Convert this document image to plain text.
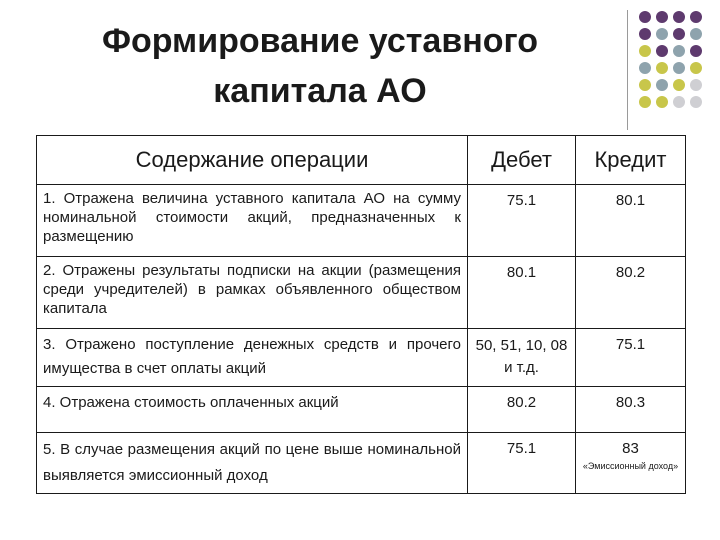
Формирование уставного
капитала АО
Содержание операции	Дебет	Кредит
1. Отражена величина уставного капитала АО на сумму номинальной стоимости акций, предназначенных к размещению	75.1	80.1
2. Отражены результаты подписки на акции (размещения среди учредителей) в рамках объявленного обществом капитала	80.1	80.2
3. Отражено поступление денежных средств и прочего имущества в счет оплаты акций	50, 51, 10, 08 и т.д.	75.1
4. Отражена стоимость оплаченных акций	80.2	80.3
5. В случае размещения акций по цене выше номинальной выявляется эмиссионный доход	75.1	83
«Эмиссионный доход»
